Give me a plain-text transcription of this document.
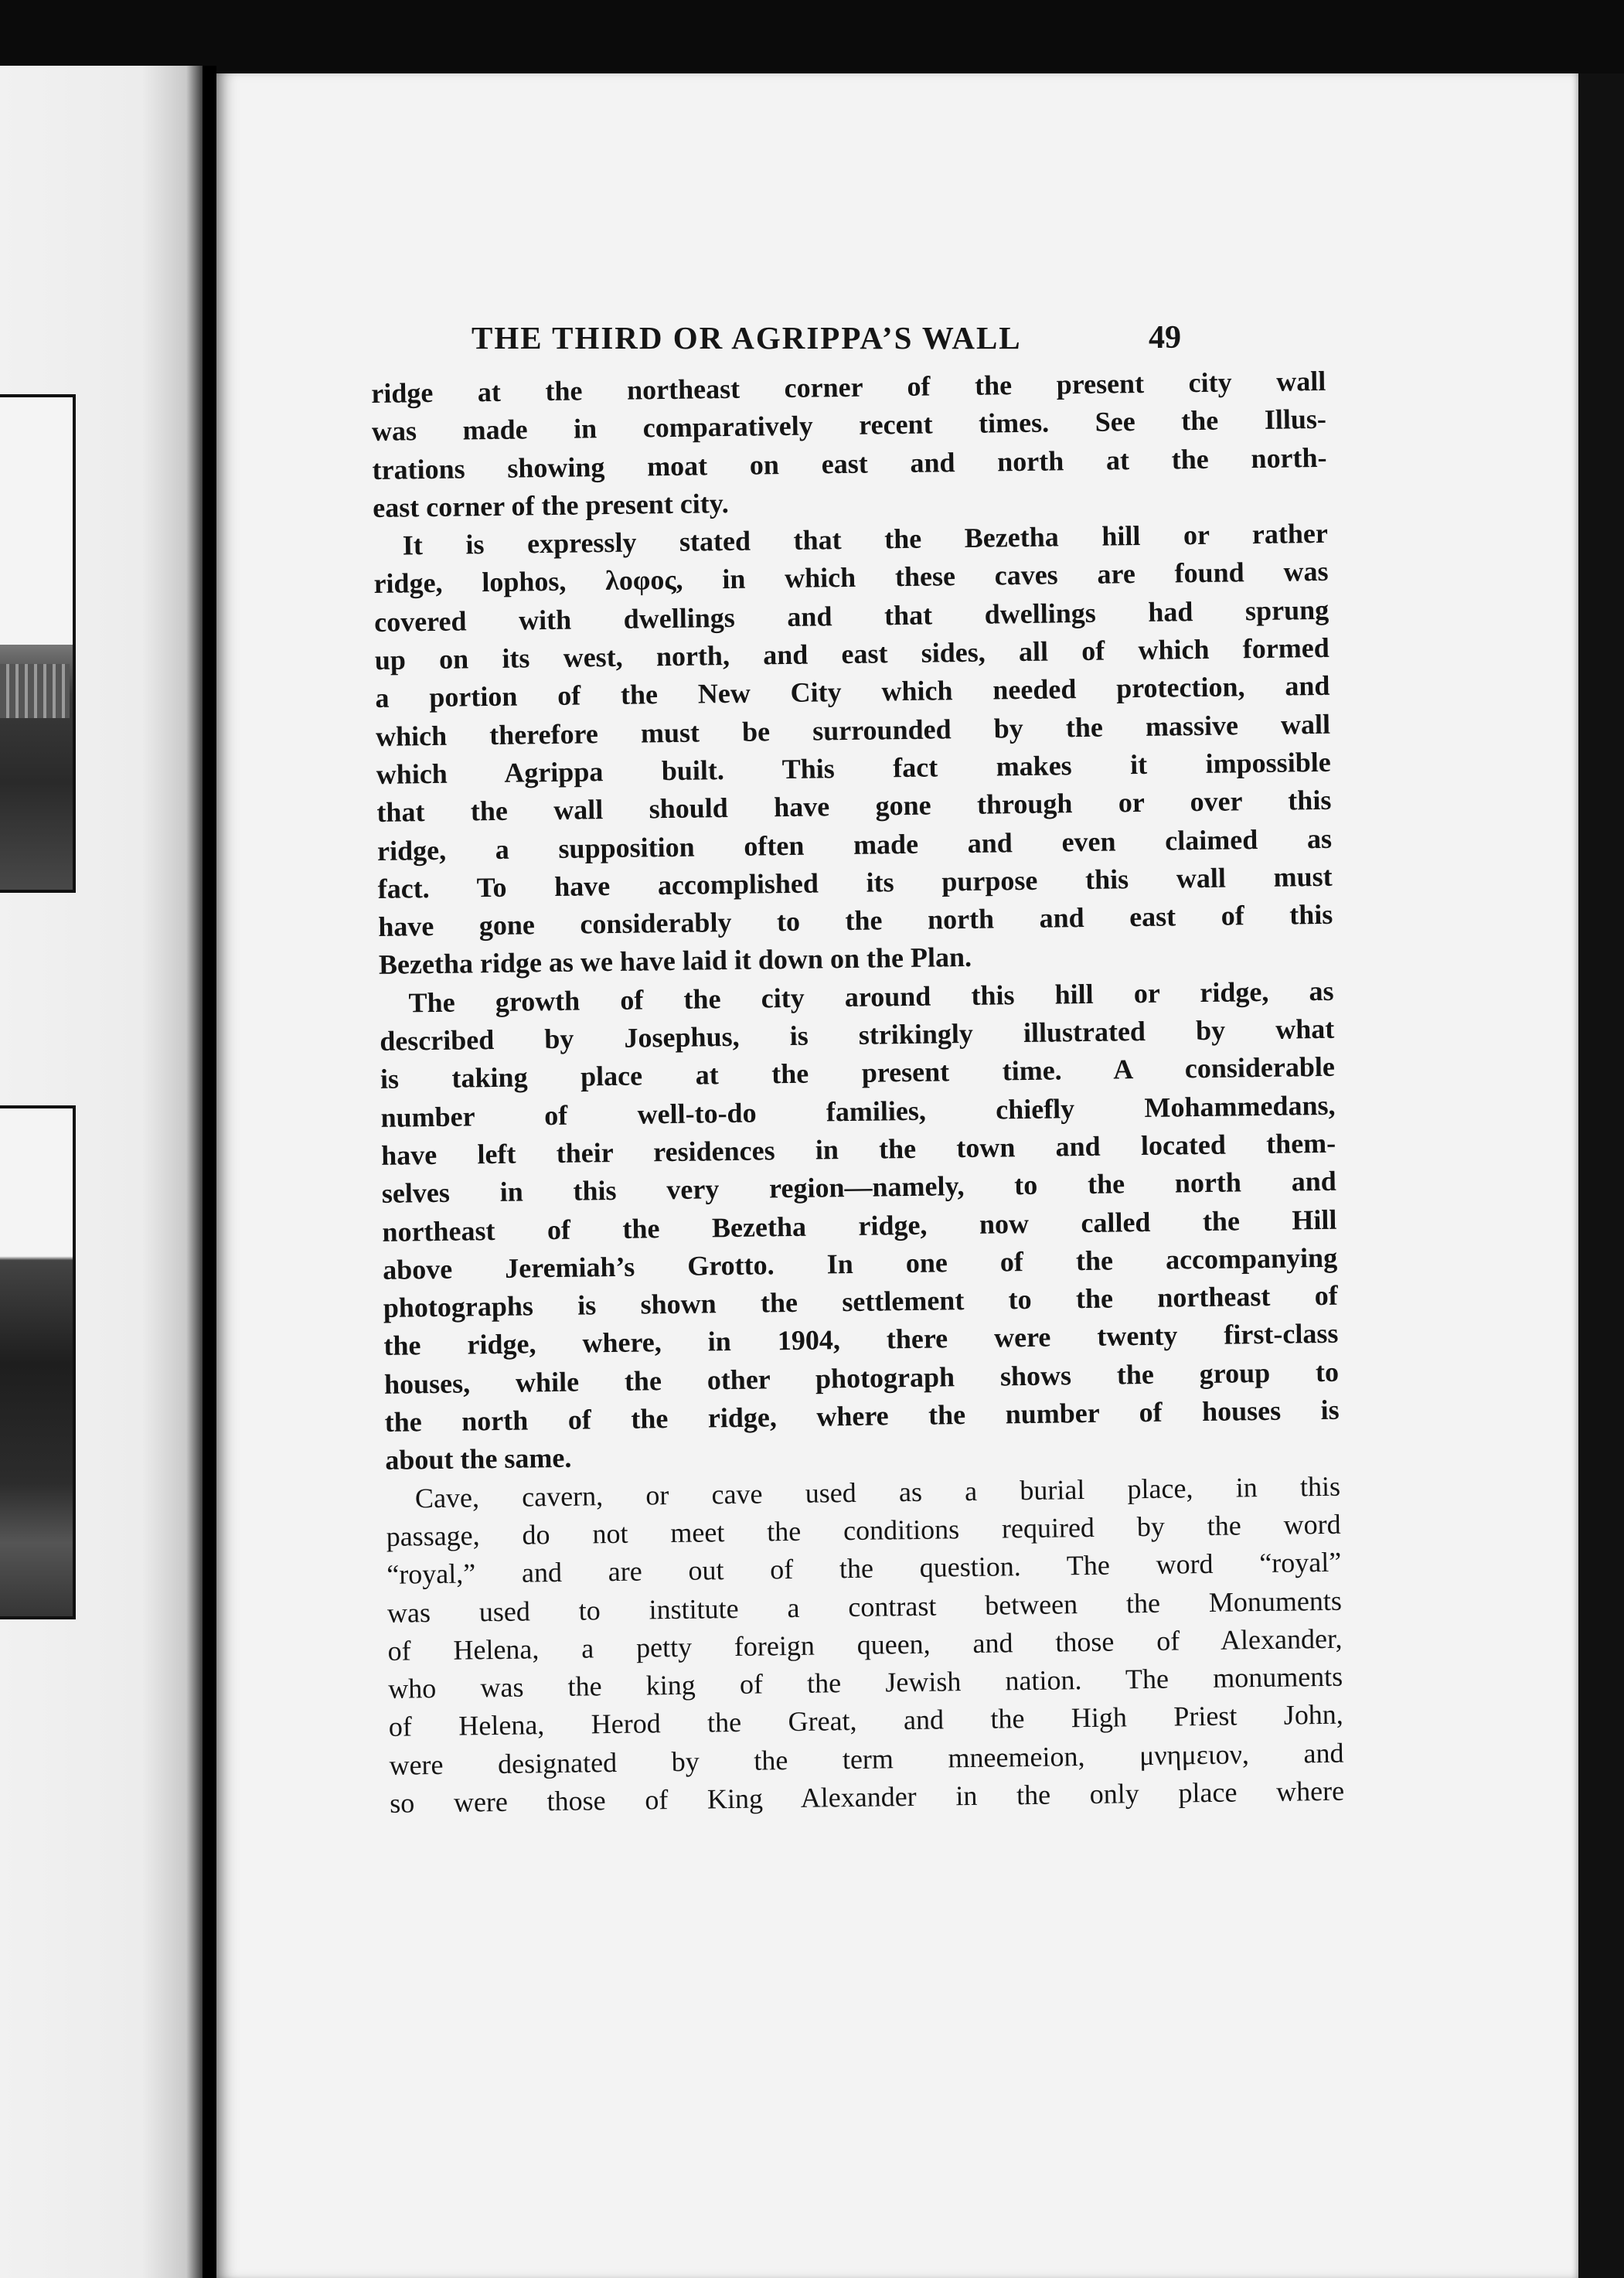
THE THIRD OR AGRIPPA’S WALL	49
ridge at the northeast corner of the present city wall
was made in comparatively recent times. See the Illus-
trations showing moat on east and north at the north-
east corner of the present city.
It is expressly stated that the Bezetha hill or rather
ridge, lophos, λοφος, in which these caves are found was
covered with dwellings and that dwellings had sprung
up on its west, north, and east sides, all of which formed
a portion of the New City which needed protection, and
which therefore must be surrounded by the massive wall
which Agrippa built. This fact makes it impossible
that the wall should have gone through or over this
ridge, a supposition often made and even claimed as
fact. To have accomplished its purpose this wall must
have gone considerably to the north and east of this
Bezetha ridge as we have laid it down on the Plan.
The growth of the city around this hill or ridge, as
described by Josephus, is strikingly illustrated by what
is taking place at the present time. A considerable
number of well-to-do families, chiefly Mohammedans,
have left their residences in the town and located them-
selves in this very region—namely, to the north and
northeast of the Bezetha ridge, now called the Hill
above Jeremiah’s Grotto. In one of the accompanying
photographs is shown the settlement to the northeast of
the ridge, where, in 1904, there were twenty first-class
houses, while the other photograph shows the group to
the north of the ridge, where the number of houses is
about the same.
Cave, cavern, or cave used as a burial place, in this
passage, do not meet the conditions required by the word
“royal,” and are out of the question. The word “royal”
was used to institute a contrast between the Monuments
of Helena, a petty foreign queen, and those of Alexander,
who was the king of the Jewish nation. The monuments
of Helena, Herod the Great, and the High Priest John,
were designated by the term mneemeion, μνημειον, and
so were those of King Alexander in the only place where
